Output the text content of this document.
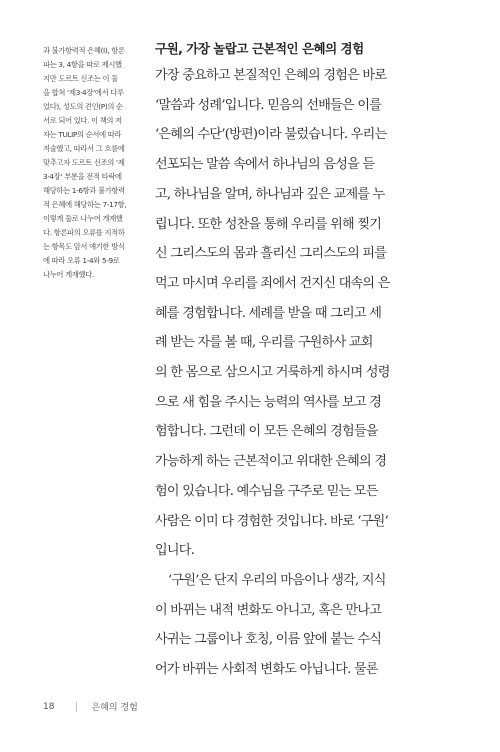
과 불가항력적 은혜(I), 항론
파는 3, 4항을 따로 제시했
지만 도르트 신조는 이 둘
을 합쳐 ‘제3·4장’에서 다루
었다), 성도의 견인(P)의 순
서로 되어 있다. 이 책의 저
자는 TULIP의 순서에 따라
저술했고, 따라서 그 흐름에
맞추고자 도르트 신조의 ‘제
3·4장’ 부분을 전적 타락에
해당하는 1-6항과 불가항력
적 은혜에 해당하는 7-17항,
이렇게 둘로 나누어 게재했
다. 항론파의 오류를 지적하
는 항목도 앞서 얘기한 방식
에 따라 오류 1-4와 5-9로
나누어 게재했다.
구원, 가장 놀랍고 근본적인 은혜의 경험
가장 중요하고 본질적인 은혜의 경험은 바로
‘말씀과 성례’입니다. 믿음의 선배들은 이를
‘은혜의 수단’(방편)이라 불렀습니다. 우리는
선포되는 말씀 속에서 하나님의 음성을 듣
고, 하나님을 알며, 하나님과 깊은 교제를 누
립니다. 또한 성찬을 통해 우리를 위해 찢기
신 그리스도의 몸과 흘리신 그리스도의 피를
먹고 마시며 우리를 죄에서 건지신 대속의 은
혜를 경험합니다. 세례를 받을 때 그리고 세
례 받는 자를 볼 때, 우리를 구원하사 교회
의 한 몸으로 삼으시고 거룩하게 하시며 성령
으로 새 힘을 주시는 능력의 역사를 보고 경
험합니다. 그런데 이 모든 은혜의 경험들을
가능하게 하는 근본적이고 위대한 은혜의 경
험이 있습니다. 예수님을 구주로 믿는 모든
사람은 이미 다 경험한 것입니다. 바로 ‘구원’
입니다.
‘구원’은 단지 우리의 마음이나 생각, 지식
이 바뀌는 내적 변화도 아니고, 혹은 만나고
사귀는 그룹이나 호칭, 이름 앞에 붙는 수식
어가 바뀌는 사회적 변화도 아닙니다. 물론
18	은혜의 경험
